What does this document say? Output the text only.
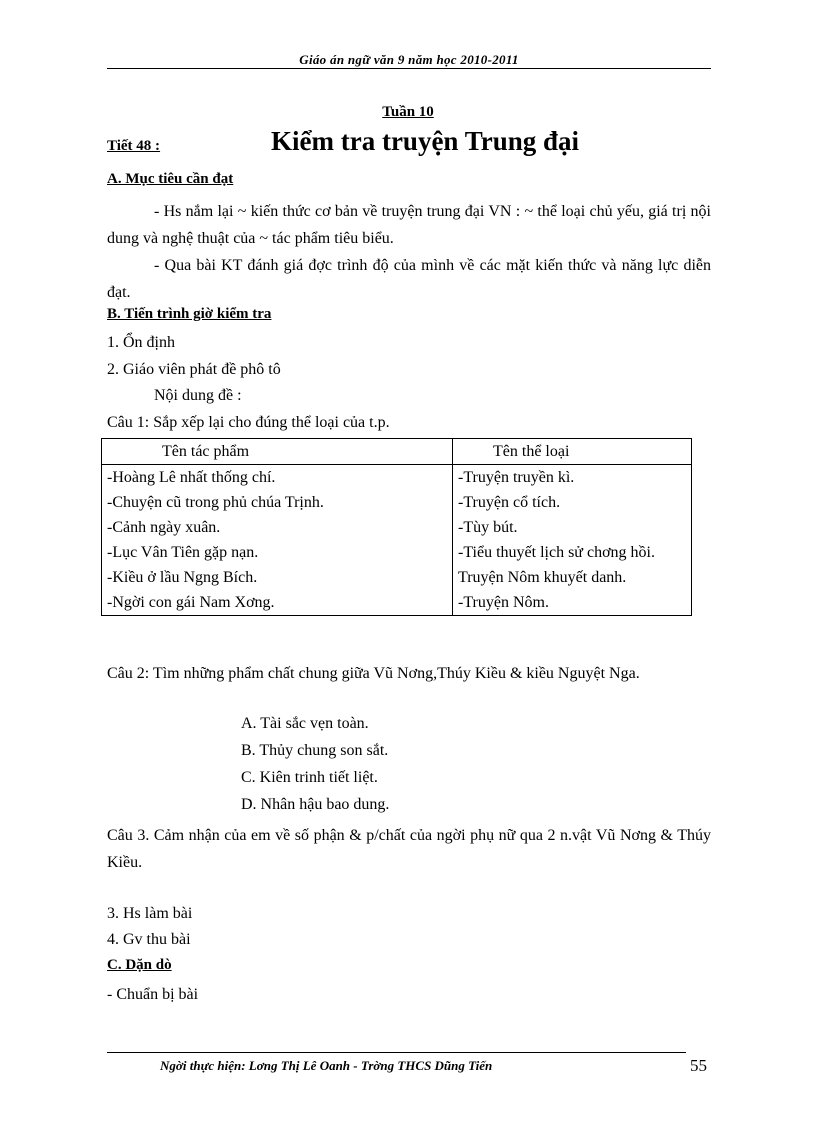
Giáo án ngữ văn 9 năm học 2010-2011
Tuần 10
Tiết 48 :	Kiểm tra truyện Trung đại
A. Mục tiêu cần đạt
- Hs nắm lại ~ kiến thức cơ bản về truyện trung đại VN : ~ thể loại chủ yếu, giá trị nội dung và nghệ thuật của ~ tác phẩm tiêu biểu.
- Qua bài KT đánh giá đợc trình độ của mình về các mặt kiến thức và năng lực diễn đạt.
B. Tiến trình giờ kiểm tra
1. Ổn định
2. Giáo viên phát đề phô tô
Nội dung đề :
Câu 1: Sắp xếp lại cho đúng thể loại của t.p.
Tên tác phẩm	Tên thể loại
-Hoàng Lê nhất thống chí.	-Truyện truyền kì.
-Chuyện cũ trong phủ chúa Trịnh.	-Truyện cổ tích.
-Cảnh ngày xuân.	-Tùy bút.
-Lục Vân Tiên gặp nạn.	-Tiểu thuyết lịch sử chơng hồi.
-Kiều ở lầu Ngng Bích.	Truyện Nôm khuyết danh.
-Ngời con gái Nam Xơng.	-Truyện Nôm.
Câu 2: Tìm những phẩm chất chung giữa Vũ Nơng,Thúy Kiều & kiều Nguyệt Nga.
A. Tài sắc vẹn toàn.
B. Thủy chung son sắt.
C. Kiên trinh tiết liệt.
D. Nhân hậu bao dung.
Câu 3. Cảm nhận của em về số phận & p/chất của ngời phụ nữ qua 2 n.vật Vũ Nơng & Thúy Kiều.
3. Hs làm bài
4. Gv thu bài
C. Dặn dò
- Chuẩn bị bài
Ngời thực hiện: Lơng Thị Lê Oanh - Trờng THCS Dũng Tiến	55
